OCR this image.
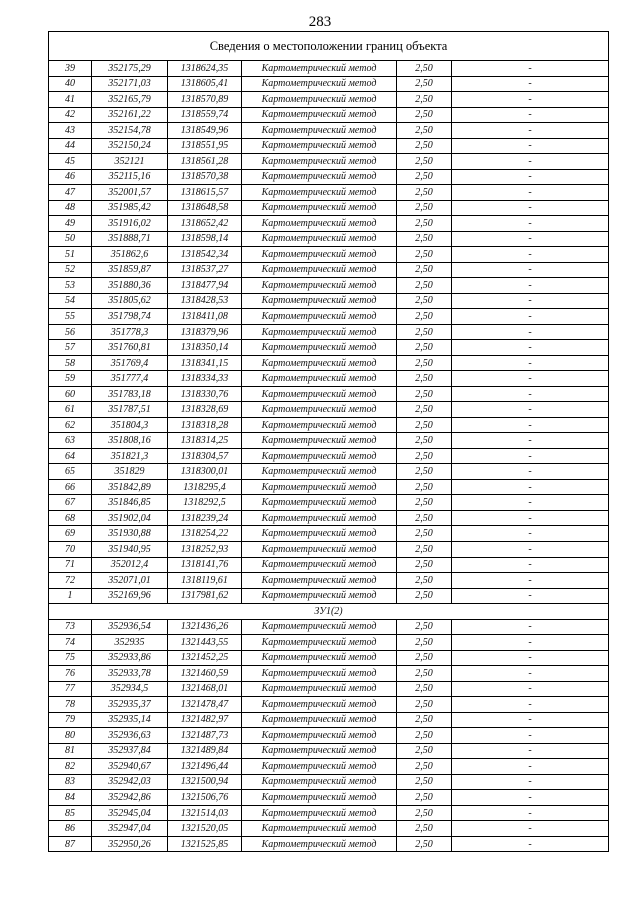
283
Сведения о местоположении границ объекта					
39	352175,29	1318624,35	Картометрический метод	2,50	-
40	352171,03	1318605,41	Картометрический метод	2,50	-
41	352165,79	1318570,89	Картометрический метод	2,50	-
42	352161,22	1318559,74	Картометрический метод	2,50	-
43	352154,78	1318549,96	Картометрический метод	2,50	-
44	352150,24	1318551,95	Картометрический метод	2,50	-
45	352121	1318561,28	Картометрический метод	2,50	-
46	352115,16	1318570,38	Картометрический метод	2,50	-
47	352001,57	1318615,57	Картометрический метод	2,50	-
48	351985,42	1318648,58	Картометрический метод	2,50	-
49	351916,02	1318652,42	Картометрический метод	2,50	-
50	351888,71	1318598,14	Картометрический метод	2,50	-
51	351862,6	1318542,34	Картометрический метод	2,50	-
52	351859,87	1318537,27	Картометрический метод	2,50	-
53	351880,36	1318477,94	Картометрический метод	2,50	-
54	351805,62	1318428,53	Картометрический метод	2,50	-
55	351798,74	1318411,08	Картометрический метод	2,50	-
56	351778,3	1318379,96	Картометрический метод	2,50	-
57	351760,81	1318350,14	Картометрический метод	2,50	-
58	351769,4	1318341,15	Картометрический метод	2,50	-
59	351777,4	1318334,33	Картометрический метод	2,50	-
60	351783,18	1318330,76	Картометрический метод	2,50	-
61	351787,51	1318328,69	Картометрический метод	2,50	-
62	351804,3	1318318,28	Картометрический метод	2,50	-
63	351808,16	1318314,25	Картометрический метод	2,50	-
64	351821,3	1318304,57	Картометрический метод	2,50	-
65	351829	1318300,01	Картометрический метод	2,50	-
66	351842,89	1318295,4	Картометрический метод	2,50	-
67	351846,85	1318292,5	Картометрический метод	2,50	-
68	351902,04	1318239,24	Картометрический метод	2,50	-
69	351930,88	1318254,22	Картометрический метод	2,50	-
70	351940,95	1318252,93	Картометрический метод	2,50	-
71	352012,4	1318141,76	Картометрический метод	2,50	-
72	352071,01	1318119,61	Картометрический метод	2,50	-
1	352169,96	1317981,62	Картометрический метод	2,50	-
ЗУ1(2)					
73	352936,54	1321436,26	Картометрический метод	2,50	-
74	352935	1321443,55	Картометрический метод	2,50	-
75	352933,86	1321452,25	Картометрический метод	2,50	-
76	352933,78	1321460,59	Картометрический метод	2,50	-
77	352934,5	1321468,01	Картометрический метод	2,50	-
78	352935,37	1321478,47	Картометрический метод	2,50	-
79	352935,14	1321482,97	Картометрический метод	2,50	-
80	352936,63	1321487,73	Картометрический метод	2,50	-
81	352937,84	1321489,84	Картометрический метод	2,50	-
82	352940,67	1321496,44	Картометрический метод	2,50	-
83	352942,03	1321500,94	Картометрический метод	2,50	-
84	352942,86	1321506,76	Картометрический метод	2,50	-
85	352945,04	1321514,03	Картометрический метод	2,50	-
86	352947,04	1321520,05	Картометрический метод	2,50	-
87	352950,26	1321525,85	Картометрический метод	2,50	-
